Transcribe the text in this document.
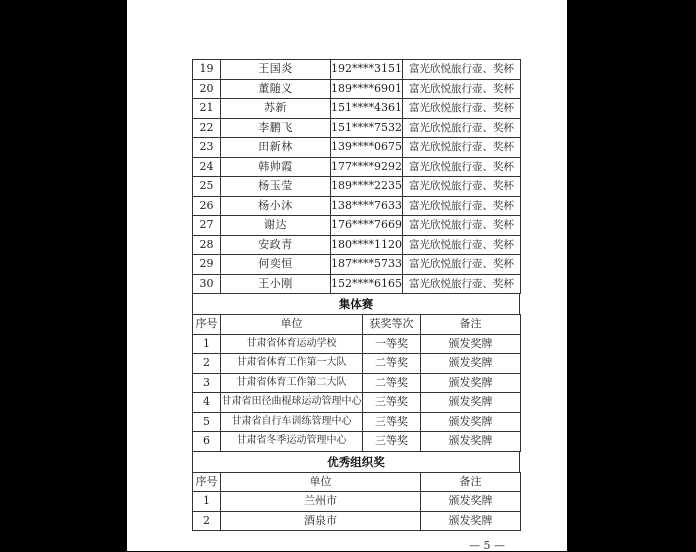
19	王国炎	192****3151	富光欣悦旅行壶、奖杯
20	董随义	189****6901	富光欣悦旅行壶、奖杯
21	苏新	151****4361	富光欣悦旅行壶、奖杯
22	李鹏飞	151****7532	富光欣悦旅行壶、奖杯
23	田新林	139****0675	富光欣悦旅行壶、奖杯
24	韩帅霞	177****9292	富光欣悦旅行壶、奖杯
25	杨玉莹	189****2235	富光欣悦旅行壶、奖杯
26	杨小沐	138****7633	富光欣悦旅行壶、奖杯
27	谢达	176****7669	富光欣悦旅行壶、奖杯
28	安政青	180****1120	富光欣悦旅行壶、奖杯
29	何奕恒	187****5733	富光欣悦旅行壶、奖杯
30	王小刚	152****6165	富光欣悦旅行壶、奖杯
集体赛
序号	单位	获奖等次	备注
1	甘肃省体育运动学校	一等奖	颁发奖牌
2	甘肃省体育工作第一大队	二等奖	颁发奖牌
3	甘肃省体育工作第二大队	二等奖	颁发奖牌
4	甘肃省田径曲棍球运动管理中心	三等奖	颁发奖牌
5	甘肃省自行车训练管理中心	三等奖	颁发奖牌
6	甘肃省冬季运动管理中心	三等奖	颁发奖牌
优秀组织奖
序号	单位	备注
1	兰州市	颁发奖牌
2	酒泉市	颁发奖牌
— 5 —
